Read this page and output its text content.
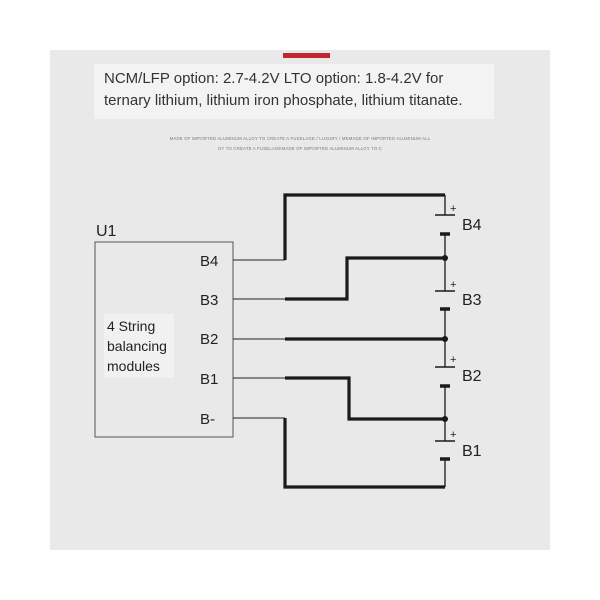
NCM/LFP option: 2.7-4.2V LTO option: 1.8-4.2V for
ternary lithium, lithium iron phosphate, lithium titanate.
MADE OF IMPORTED ALUMINUM ALLOY TO CREATE A FUSELAGE / LUXURY / MEMADE OF IMPORTED ALUMINUM ALL
OY TO CREATE A FUSELAGEMADE OF IMPORTED ALUMINUM ALLOY TO C
U1
B4
B3
B2
B1
B-
+
+
+
+
B4
B3
B2
B1
4 String
balancing
modules
